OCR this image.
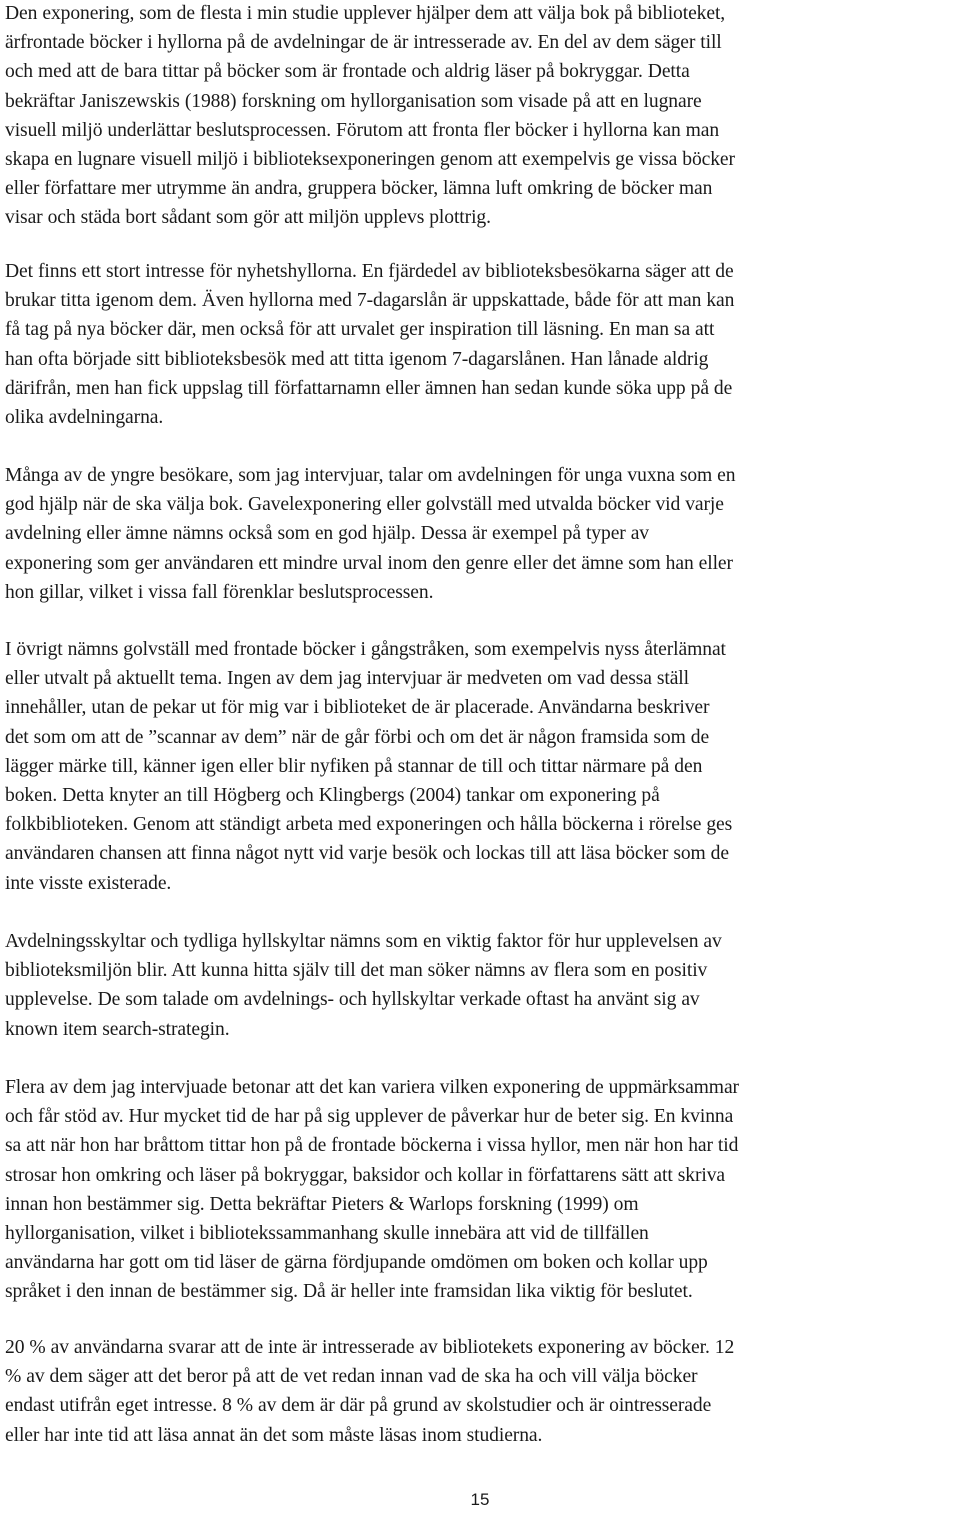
Den exponering, som de flesta i min studie upplever hjälper dem att välja bok på biblioteket,
ärfrontade böcker i hyllorna på de avdelningar de är intresserade av. En del av dem säger till
och med att de bara tittar på böcker som är frontade och aldrig läser på bokryggar. Detta
bekräftar Janiszewskis (1988) forskning om hyllorganisation som visade på att en lugnare
visuell miljö underlättar beslutsprocessen. Förutom att fronta fler böcker i hyllorna kan man
skapa en lugnare visuell miljö i biblioteksexponeringen genom att exempelvis ge vissa böcker
eller författare mer utrymme än andra, gruppera böcker, lämna luft omkring de böcker man
visar och städa bort sådant som gör att miljön upplevs plottrig.

Det finns ett stort intresse för nyhetshyllorna. En fjärdedel av biblioteksbesökarna säger att de
brukar titta igenom dem. Även hyllorna med 7-dagarslån är uppskattade, både för att man kan
få tag på nya böcker där, men också för att urvalet ger inspiration till läsning. En man sa att
han ofta började sitt biblioteksbesök med att titta igenom 7-dagarslånen. Han lånade aldrig
därifrån, men han fick uppslag till författarnamn eller ämnen han sedan kunde söka upp på de
olika avdelningarna.

Många av de yngre besökare, som jag intervjuar, talar om avdelningen för unga vuxna som en
god hjälp när de ska välja bok. Gavelexponering eller golvställ med utvalda böcker vid varje
avdelning eller ämne nämns också som en god hjälp. Dessa är exempel på typer av
exponering som ger användaren ett mindre urval inom den genre eller det ämne som han eller
hon gillar, vilket i vissa fall förenklar beslutsprocessen.

I övrigt nämns golvställ med frontade böcker i gångstråken, som exempelvis nyss återlämnat
eller utvalt på aktuellt tema. Ingen av dem jag intervjuar är medveten om vad dessa ställ
innehåller, utan de pekar ut för mig var i biblioteket de är placerade. Användarna beskriver
det som om att de ”scannar av dem” när de går förbi och om det är någon framsida som de
lägger märke till, känner igen eller blir nyfiken på stannar de till och tittar närmare på den
boken. Detta knyter an till Högberg och Klingbergs (2004) tankar om exponering på
folkbiblioteken. Genom att ständigt arbeta med exponeringen och hålla böckerna i rörelse ges
användaren chansen att finna något nytt vid varje besök och lockas till att läsa böcker som de
inte visste existerade.

Avdelningsskyltar och tydliga hyllskyltar nämns som en viktig faktor för hur upplevelsen av
biblioteksmiljön blir. Att kunna hitta själv till det man söker nämns av flera som en positiv
upplevelse. De som talade om avdelnings- och hyllskyltar verkade oftast ha använt sig av
known item search-strategin.

Flera av dem jag intervjuade betonar att det kan variera vilken exponering de uppmärksammar
och får stöd av. Hur mycket tid de har på sig upplever de påverkar hur de beter sig. En kvinna
sa att när hon har bråttom tittar hon på de frontade böckerna i vissa hyllor, men när hon har tid
strosar hon omkring och läser på bokryggar, baksidor och kollar in författarens sätt att skriva
innan hon bestämmer sig. Detta bekräftar Pieters & Warlops forskning (1999) om
hyllorganisation, vilket i bibliotekssammanhang skulle innebära att vid de tillfällen
användarna har gott om tid läser de gärna fördjupande omdömen om boken och kollar upp
språket i den innan de bestämmer sig. Då är heller inte framsidan lika viktig för beslutet.

20 % av användarna svarar att de inte är intresserade av bibliotekets exponering av böcker. 12
% av dem säger att det beror på att de vet redan innan vad de ska ha och vill välja böcker
endast utifrån eget intresse. 8 % av dem är där på grund av skolstudier och är ointresserade
eller har inte tid att läsa annat än det som måste läsas inom studierna.

15
